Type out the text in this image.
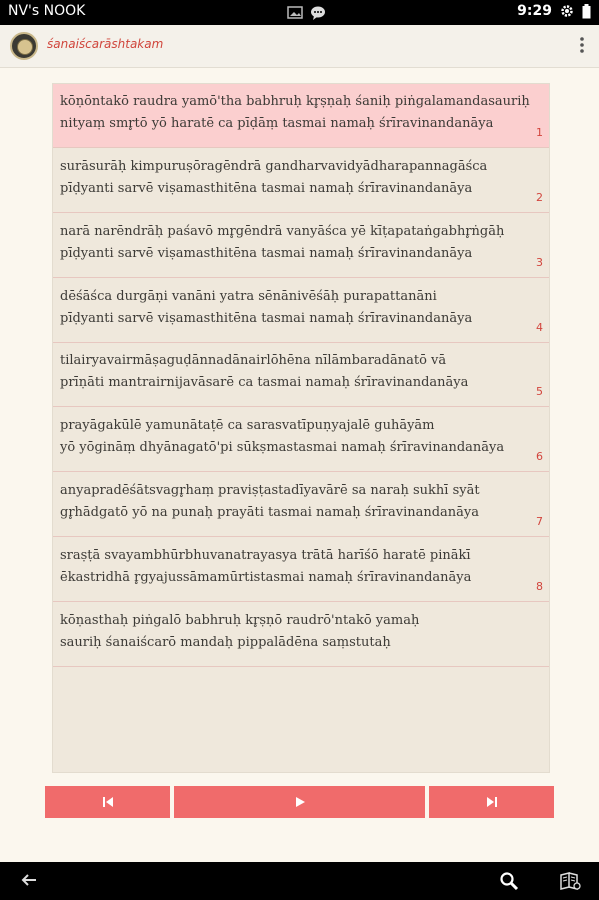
NV's NOOK	9:29
śanaiścarāshtakam
kōṇōntakō raudra yamō'tha babhruḥ kr̥ṣṇaḥ śaniḥ piṅgalamandasauriḥ
nityaṃ smr̥tō yō haratē ca pīḍāṃ tasmai namaḥ śrīravinandanāya
1
surāsurāḥ kimpuruṣōragēndrā gandharvavidyādharapannagāśca
pīḍyanti sarvē viṣamasthitēna tasmai namaḥ śrīravinandanāya
2
narā narēndrāḥ paśavō mr̥gēndrā vanyāśca yē kīṭapataṅgabhr̥ṅgāḥ
pīḍyanti sarvē viṣamasthitēna tasmai namaḥ śrīravinandanāya
3
dēśāśca durgāṇi vanāni yatra sēnānivēśāḥ purapattanāni
pīḍyanti sarvē viṣamasthitēna tasmai namaḥ śrīravinandanāya
4
tilairyavairmāṣaguḍānnadānairlōhēna nīlāmbaradānatō vā
prīṇāti mantrairnijavāsarē ca tasmai namaḥ śrīravinandanāya
5
prayāgakūlē yamunātaṭē ca sarasvatīpuṇyajalē guhāyām
yō yōgināṃ dhyānagatō'pi sūkṣmastasmai namaḥ śrīravinandanāya
6
anyapradēśātsvagr̥haṃ praviṣṭastadīyavārē sa naraḥ sukhī syāt
gr̥hādgatō yō na punaḥ prayāti tasmai namaḥ śrīravinandanāya
7
sraṣṭā svayambhūrbhuvanatrayasya trātā harīśō haratē pinākī
ēkastridhā r̥gyajussāmamūrtistasmai namaḥ śrīravinandanāya
8
kōṇasthaḥ piṅgalō babhruḥ kr̥ṣṇō raudrō'ntakō yamaḥ
sauriḥ śanaiścarō mandaḥ pippalādēna saṃstutaḥ
